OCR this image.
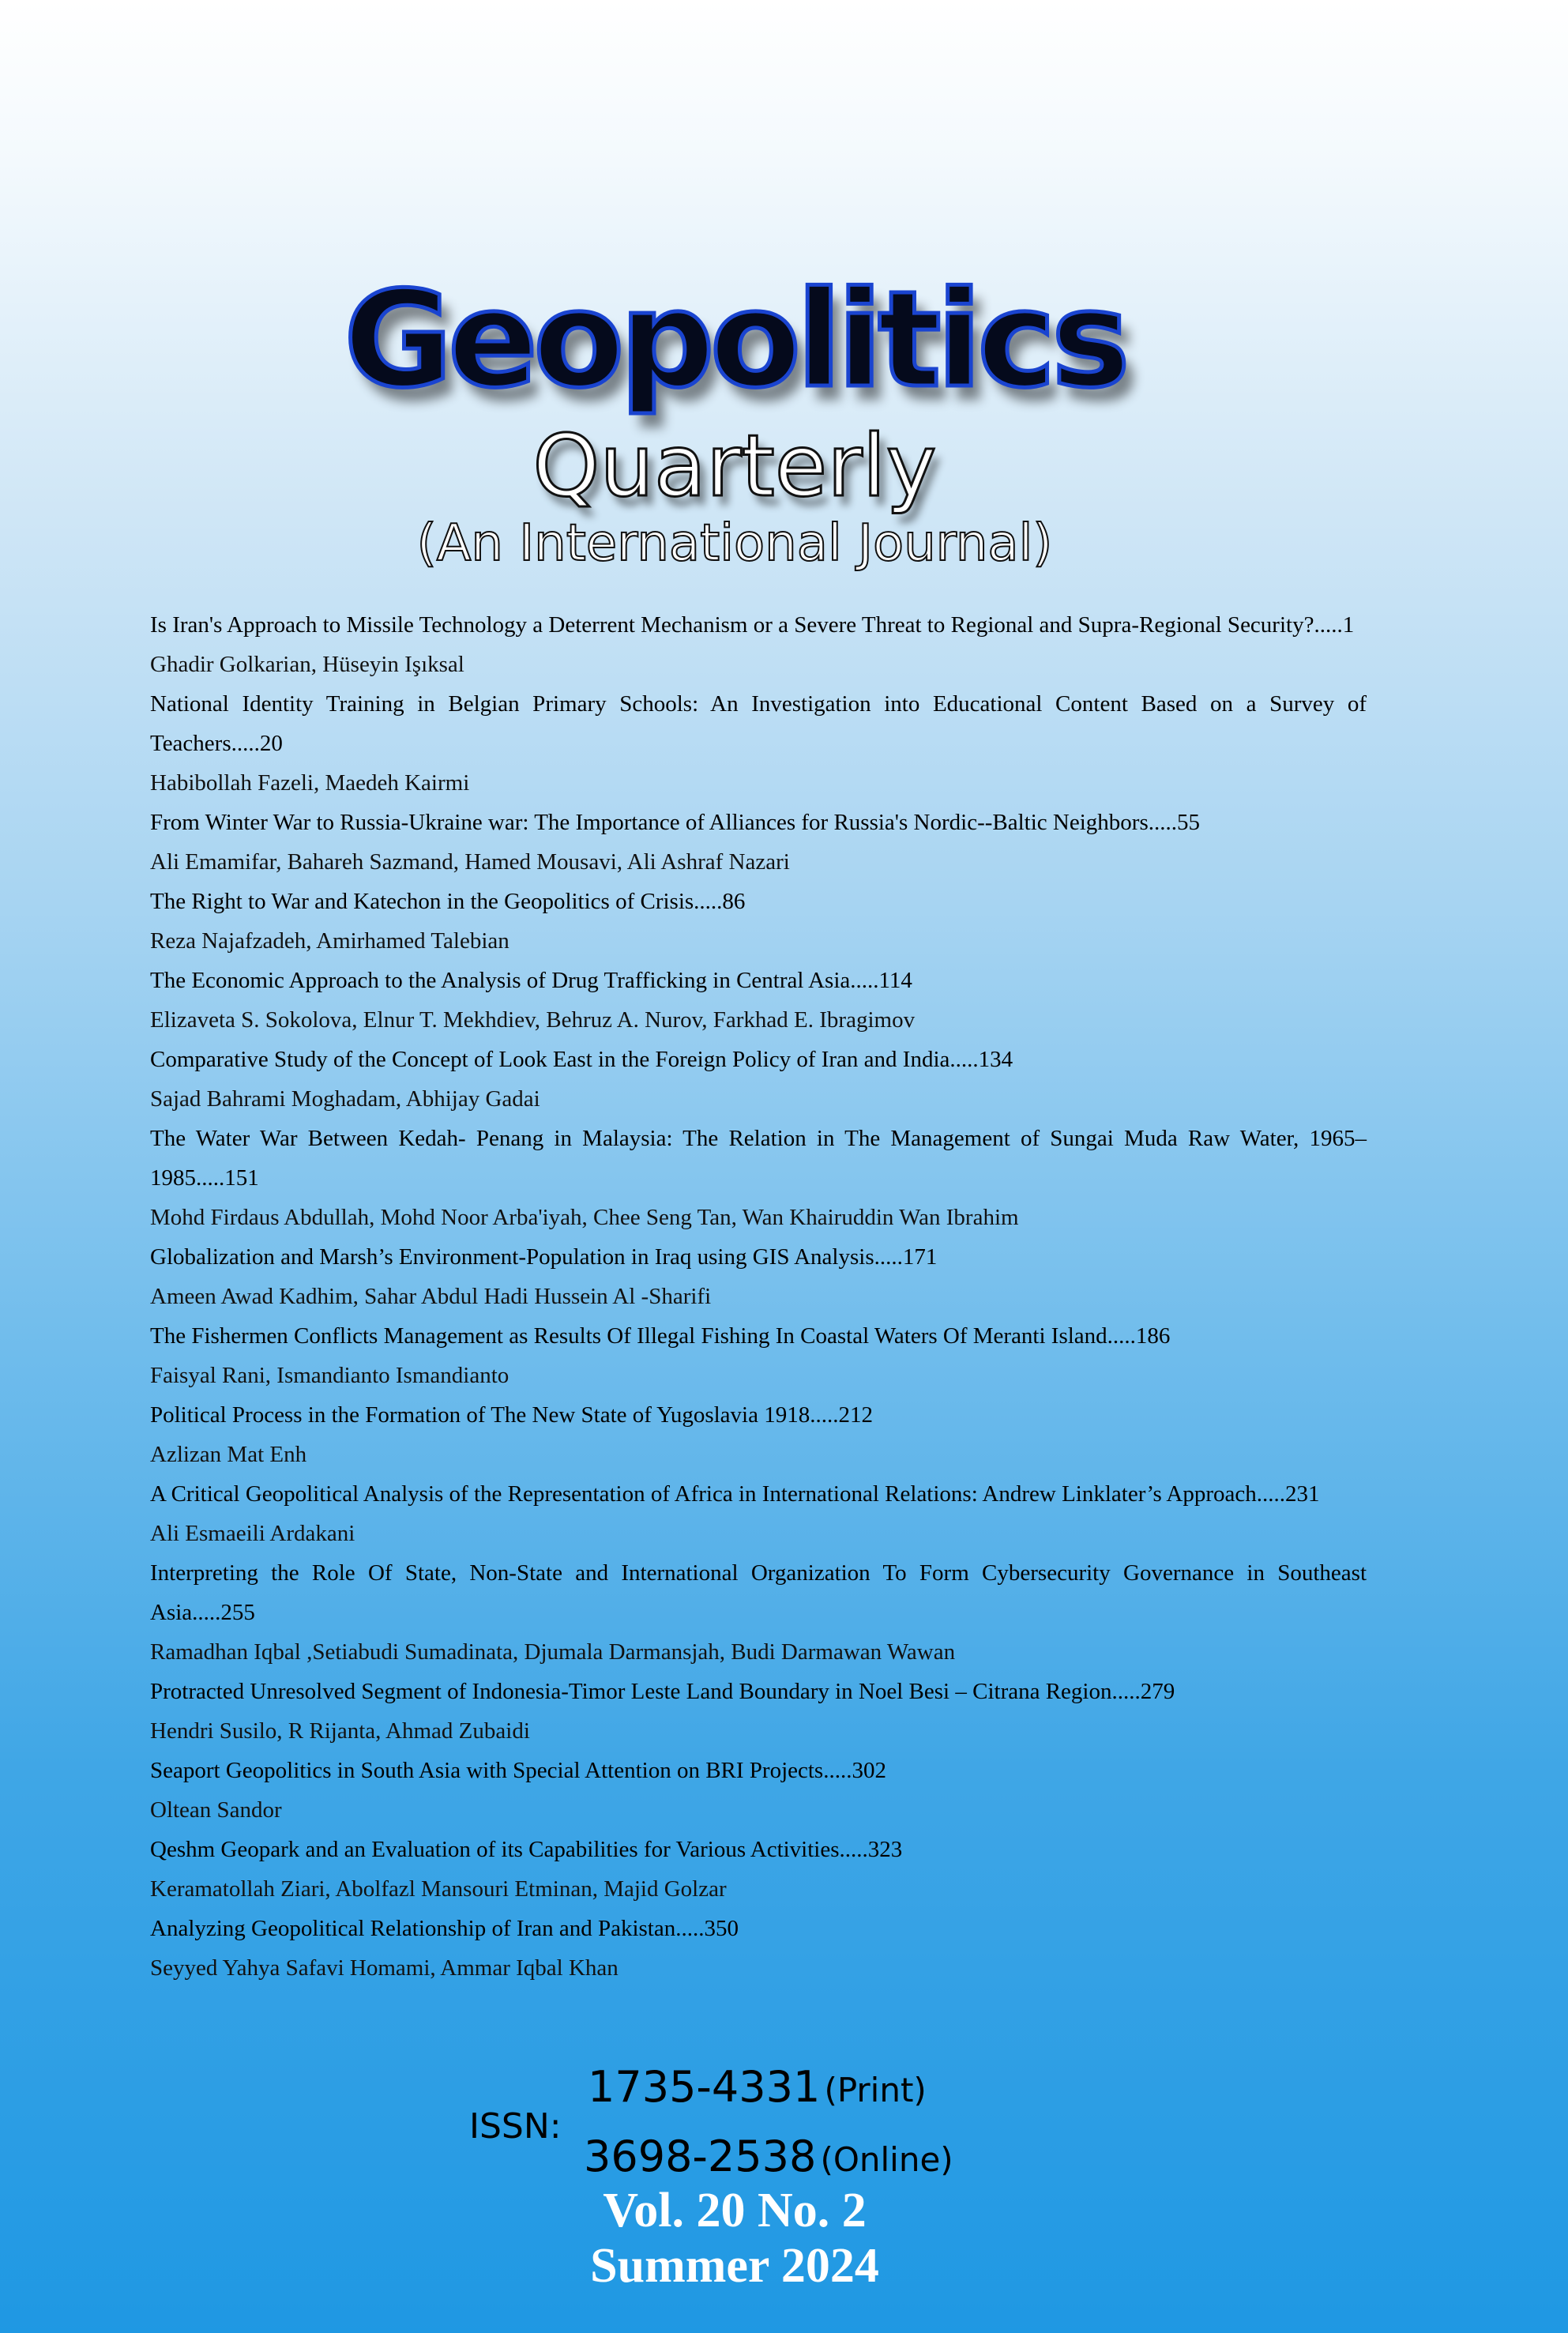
Geopolitics
Quarterly
(An International Journal)
Is Iran's Approach to Missile Technology a Deterrent Mechanism or a Severe Threat to Regional and Supra-Regional Security?.....1
Ghadir Golkarian, Hüseyin Işıksal
National Identity Training in Belgian Primary Schools: An Investigation into Educational Content Based on a Survey of Teachers.....20
Habibollah Fazeli, Maedeh Kairmi
From Winter War to Russia-Ukraine war: The Importance of Alliances for Russia's Nordic--Baltic Neighbors.....55
Ali Emamifar, Bahareh Sazmand, Hamed Mousavi, Ali Ashraf Nazari
The Right to War and Katechon in the Geopolitics of Crisis.....86
Reza Najafzadeh, Amirhamed Talebian
The Economic Approach to the Analysis of Drug Trafficking in Central Asia.....114
Elizaveta S. Sokolova, Elnur T. Mekhdiev, Behruz A. Nurov, Farkhad E. Ibragimov
Comparative Study of the Concept of Look East in the Foreign Policy of Iran and India.....134
Sajad Bahrami Moghadam, Abhijay Gadai
The Water War Between Kedah- Penang in Malaysia: The Relation in The Management of Sungai Muda Raw Water, 1965–1985.....151
Mohd Firdaus Abdullah, Mohd Noor Arba'iyah, Chee Seng Tan, Wan Khairuddin Wan Ibrahim
Globalization and Marsh’s Environment-Population in Iraq using GIS Analysis.....171
Ameen Awad Kadhim, Sahar Abdul Hadi Hussein Al -Sharifi
The Fishermen Conflicts Management as Results Of Illegal Fishing In Coastal Waters Of Meranti Island.....186
Faisyal Rani, Ismandianto Ismandianto
Political Process in the Formation of The New State of Yugoslavia 1918.....212
Azlizan Mat Enh
A Critical Geopolitical Analysis of the Representation of Africa in International Relations: Andrew Linklater’s Approach.....231
Ali Esmaeili Ardakani
Interpreting the Role Of State, Non-State and International Organization To Form Cybersecurity Governance in Southeast Asia.....255
Ramadhan Iqbal ,Setiabudi Sumadinata, Djumala Darmansjah, Budi Darmawan Wawan
Protracted Unresolved Segment of Indonesia-Timor Leste Land Boundary in Noel Besi – Citrana Region.....279
Hendri Susilo, R Rijanta, Ahmad Zubaidi
Seaport Geopolitics in South Asia with Special Attention on BRI Projects.....302
Oltean Sandor
Qeshm Geopark and an Evaluation of its Capabilities for Various Activities.....323
Keramatollah Ziari, Abolfazl Mansouri Etminan, Majid Golzar
Analyzing Geopolitical Relationship of Iran and Pakistan.....350
Seyyed Yahya Safavi Homami, Ammar Iqbal Khan
ISSN:
1735-4331 (Print)
3698-2538 (Online)
Vol. 20 No. 2
Summer 2024
